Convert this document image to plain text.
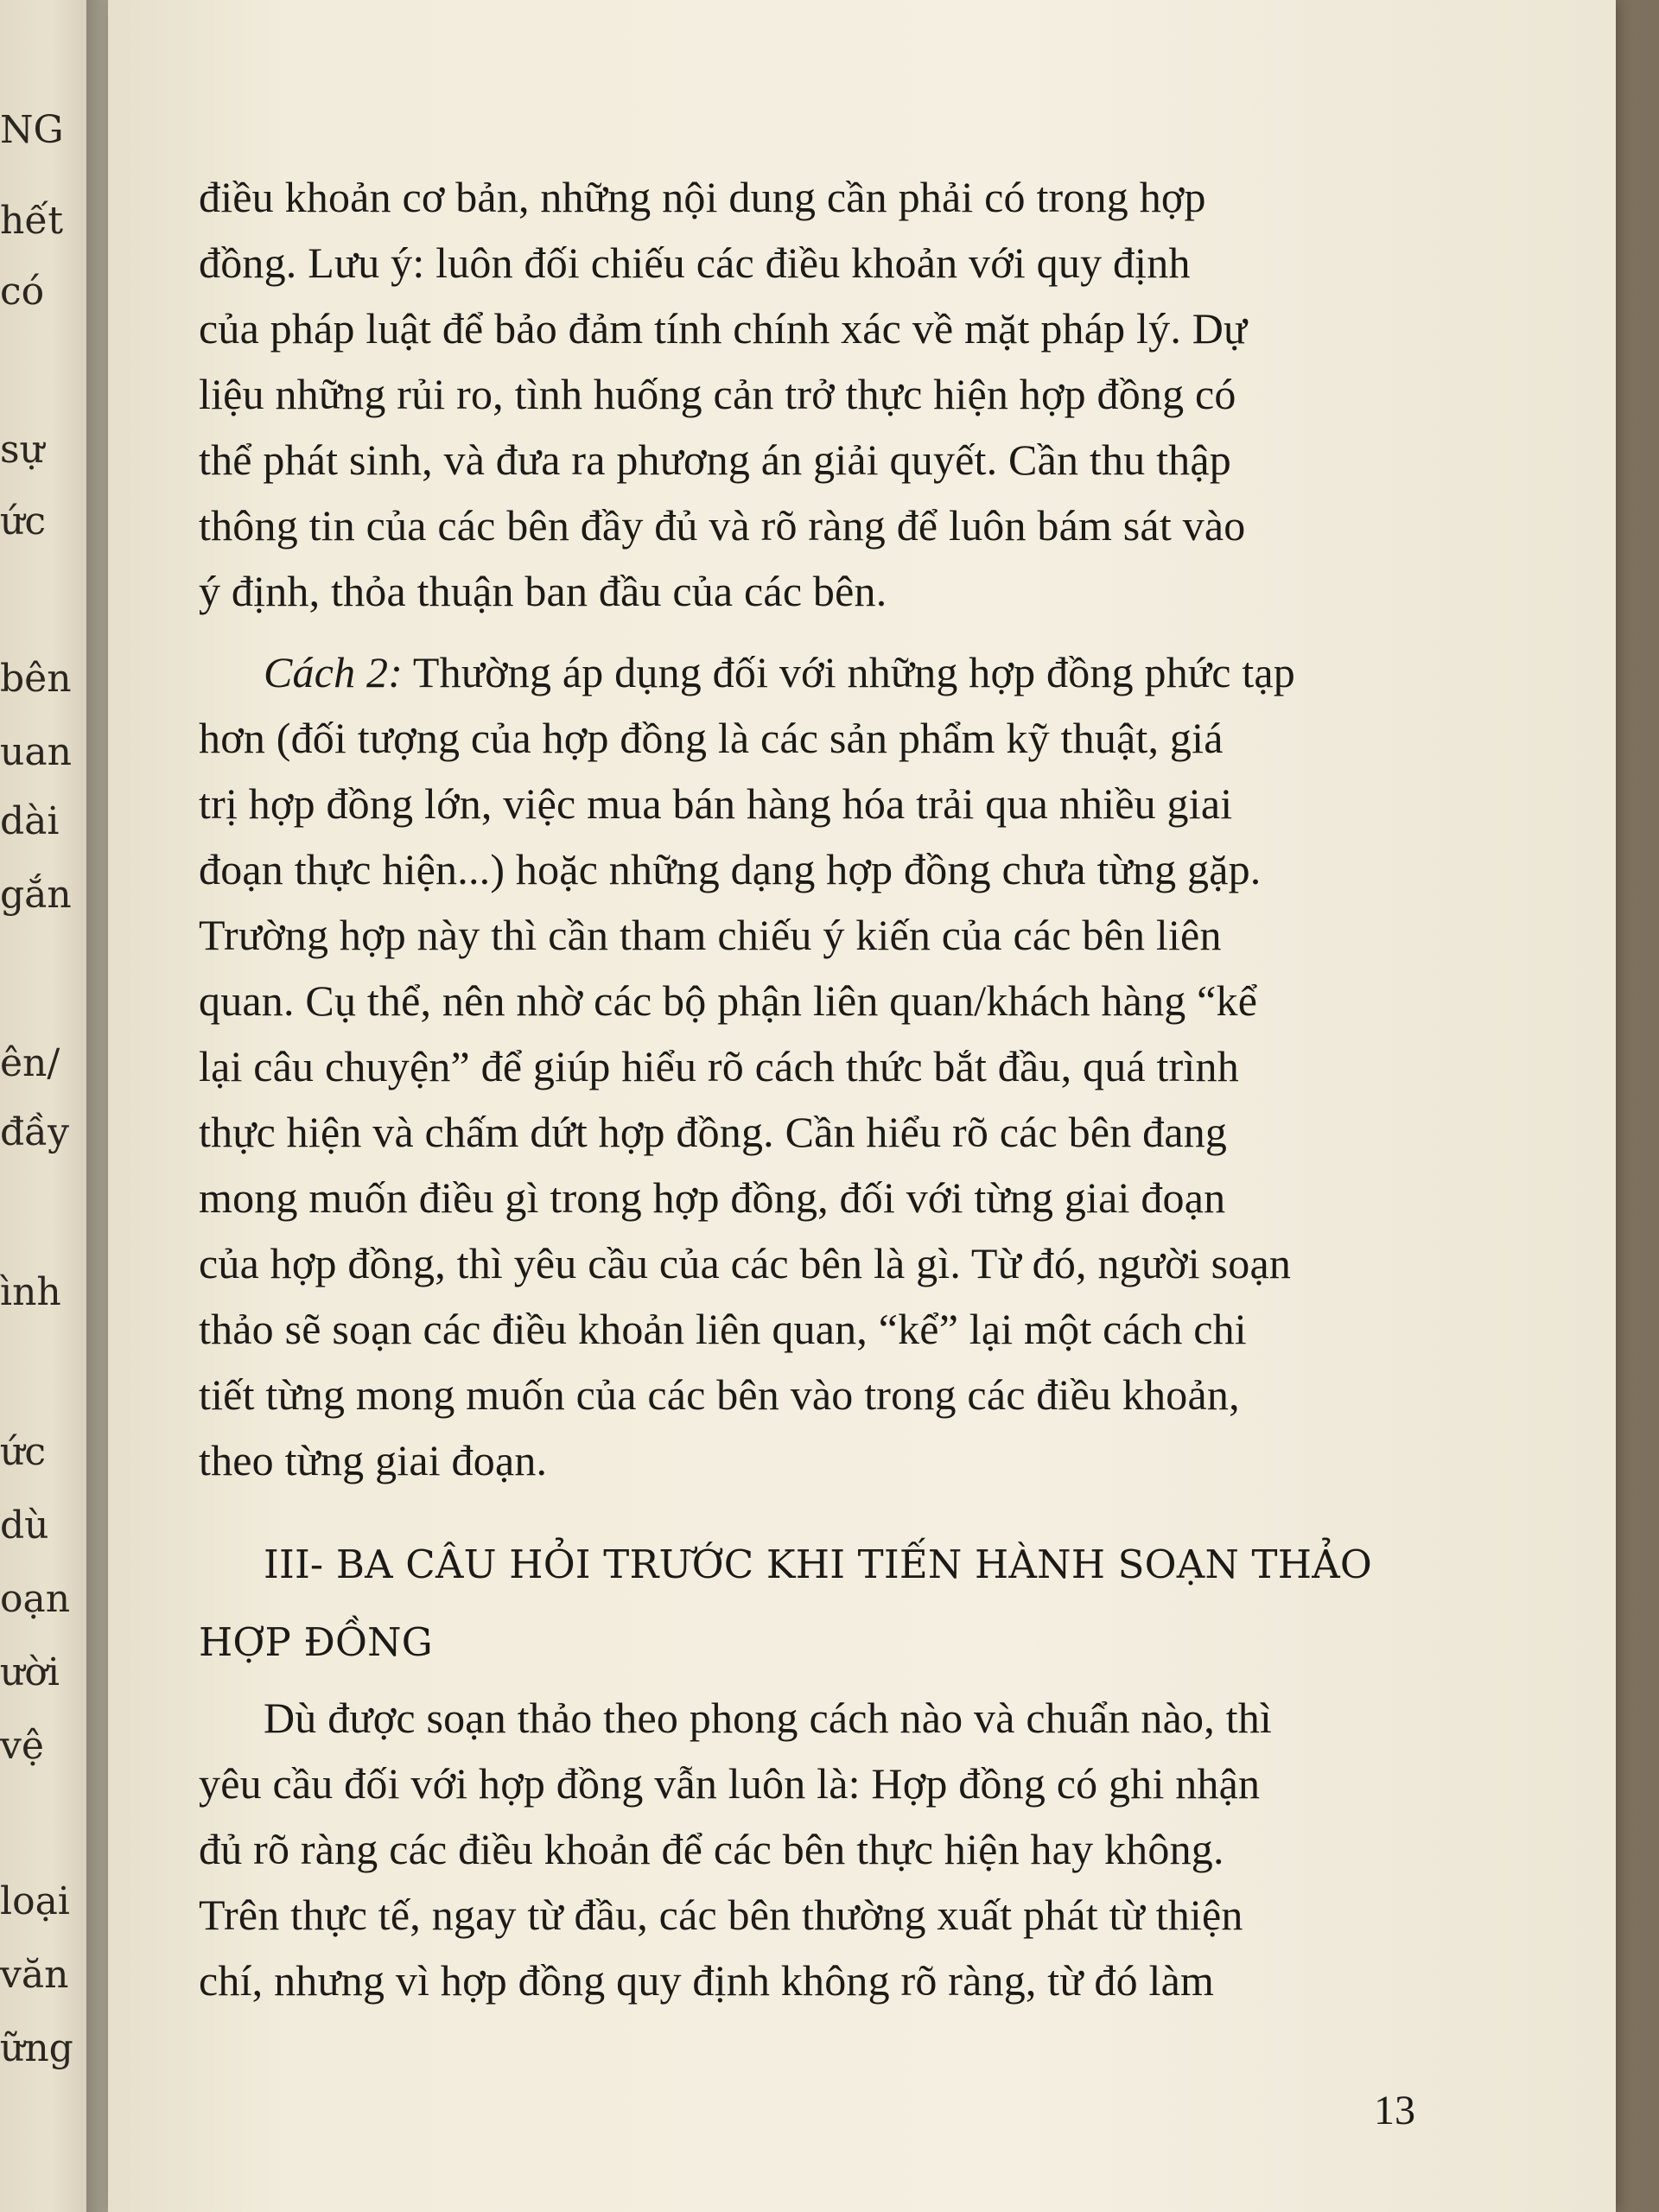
NG
hết
có
sự
ức
bên
uan
dài
gắn
ên/
đầy
ình
ức
dù
oạn
ười
vệ
loại
văn
ững
điều khoản cơ bản, những nội dung cần phải có trong hợp
đồng. Lưu ý: luôn đối chiếu các điều khoản với quy định
của pháp luật để bảo đảm tính chính xác về mặt pháp lý. Dự
liệu những rủi ro, tình huống cản trở thực hiện hợp đồng có
thể phát sinh, và đưa ra phương án giải quyết. Cần thu thập
thông tin của các bên đầy đủ và rõ ràng để luôn bám sát vào
ý định, thỏa thuận ban đầu của các bên.
Cách 2: Thường áp dụng đối với những hợp đồng phức tạp
hơn (đối tượng của hợp đồng là các sản phẩm kỹ thuật, giá
trị hợp đồng lớn, việc mua bán hàng hóa trải qua nhiều giai
đoạn thực hiện...) hoặc những dạng hợp đồng chưa từng gặp.
Trường hợp này thì cần tham chiếu ý kiến của các bên liên
quan. Cụ thể, nên nhờ các bộ phận liên quan/khách hàng “kể
lại câu chuyện” để giúp hiểu rõ cách thức bắt đầu, quá trình
thực hiện và chấm dứt hợp đồng. Cần hiểu rõ các bên đang
mong muốn điều gì trong hợp đồng, đối với từng giai đoạn
của hợp đồng, thì yêu cầu của các bên là gì. Từ đó, người soạn
thảo sẽ soạn các điều khoản liên quan, “kể” lại một cách chi
tiết từng mong muốn của các bên vào trong các điều khoản,
theo từng giai đoạn.
III- BA CÂU HỎI TRƯỚC KHI TIẾN HÀNH SOẠN THẢO
HỢP ĐỒNG
Dù được soạn thảo theo phong cách nào và chuẩn nào, thì
yêu cầu đối với hợp đồng vẫn luôn là: Hợp đồng có ghi nhận
đủ rõ ràng các điều khoản để các bên thực hiện hay không.
Trên thực tế, ngay từ đầu, các bên thường xuất phát từ thiện
chí, nhưng vì hợp đồng quy định không rõ ràng, từ đó làm
13
